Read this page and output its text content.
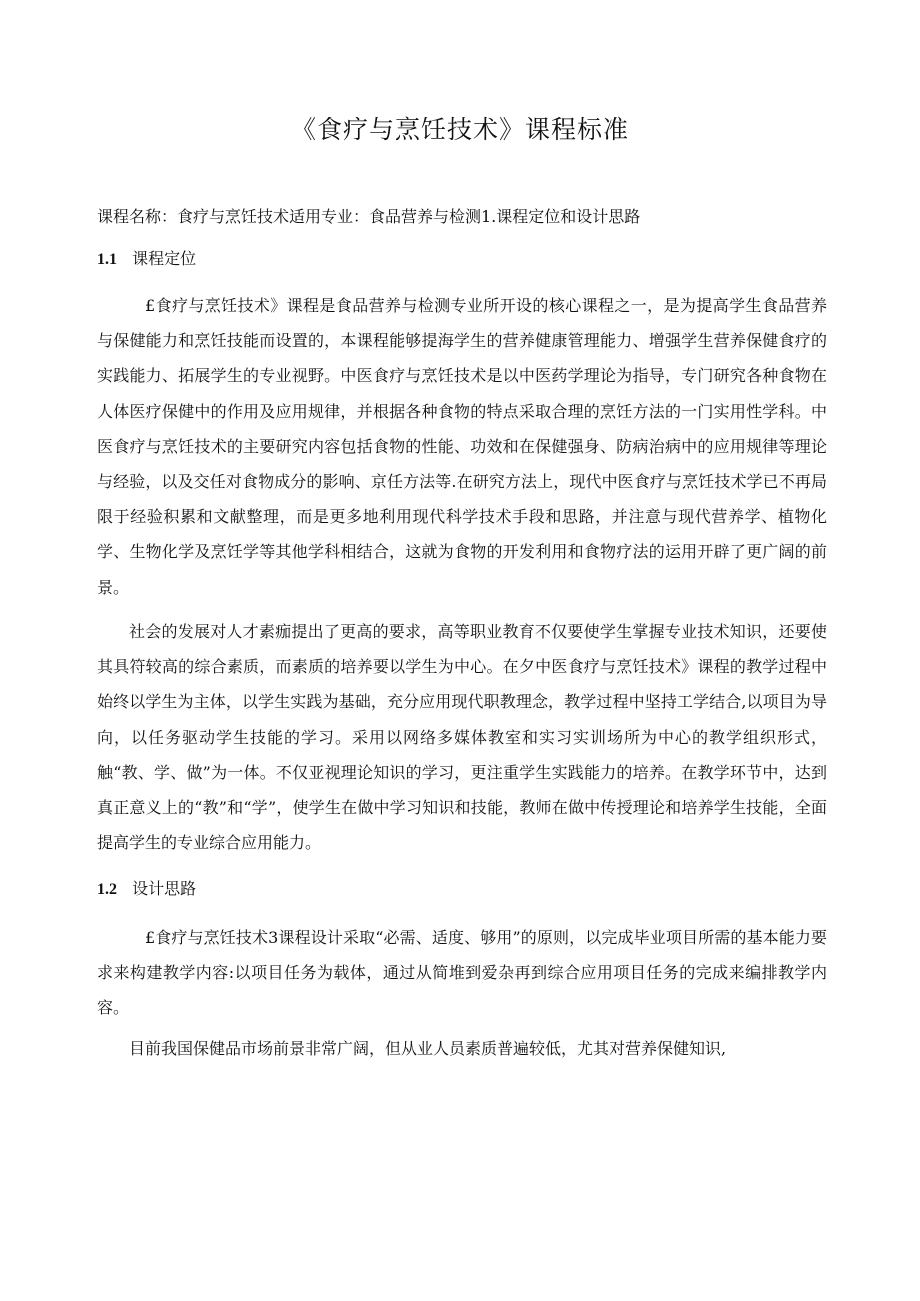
《食疗与烹饪技术》课程标准
课程名称：食疗与烹饪技术适用专业：食品营养与检测1.课程定位和设计思路
1.1 课程定位
£食疗与烹饪技术》课程是食品营养与检测专业所开设的核心课程之一，是为提高学生食品营养与保健能力和烹饪技能而设置的，本课程能够提海学生的营养健康管理能力、增强学生营养保健食疗的实践能力、拓展学生的专业视野。中医食疗与烹饪技术是以中医药学理论为指导，专门研究各种食物在人体医疗保健中的作用及应用规律，并根据各种食物的特点采取合理的烹饪方法的一门实用性学科。中医食疗与烹饪技术的主要研究内容包括食物的性能、功效和在保健强身、防病治病中的应用规律等理论与经验，以及交任对食物成分的影响、京任方法等.在研究方法上，现代中医食疗与烹饪技术学已不再局限于经验积累和文献整理，而是更多地利用现代科学技术手段和思路，并注意与现代营养学、植物化学、生物化学及烹饪学等其他学科相结合，这就为食物的开发利用和食物疗法的运用开辟了更广阔的前景。
社会的发展对人才素痂提出了更高的要求，高等职业教育不仅要使学生掌握专业技术知识，还要使其具符较高的综合素质，而素质的培养要以学生为中心。在夕中医食疗与烹饪技术》课程的教学过程中始终以学生为主体，以学生实践为基础，充分应用现代职教理念，教学过程中坚持工学结合,以项目为导向，以任务驱动学生技能的学习。采用以网络多媒体教室和实习实训场所为中心的教学组织形式，触“教、学、做”为一体。不仅亚视理论知识的学习，更注重学生实践能力的培养。在教学环节中，达到真正意义上的“教”和“学”，使学生在做中学习知识和技能，教师在做中传授理论和培养学生技能，全面提高学生的专业综合应用能力。
1.2 设计思路
£食疗与烹饪技术3课程设计采取“必需、适度、够用”的原则，以完成毕业项目所需的基本能力要求来构建教学内容:以项目任务为载体，通过从简堆到爱杂再到综合应用项目任务的完成来编排教学内容。
目前我国保健品市场前景非常广阔，但从业人员素质普遍较低，尤其对营养保健知识,
